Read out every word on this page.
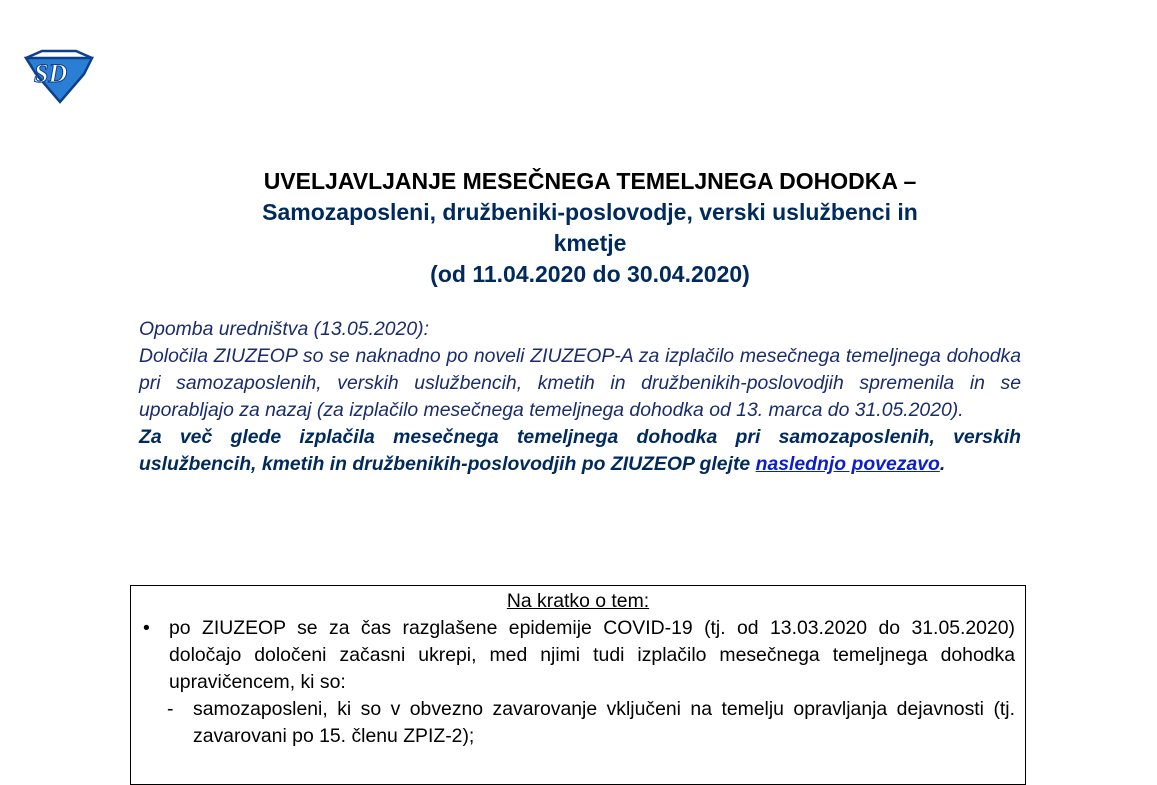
SD
UVELJAVLJANJE MESEČNEGA TEMELJNEGA DOHODKA –
Samozaposleni, družbeniki-poslovodje, verski uslužbenci in
kmetje
(od 11.04.2020 do 30.04.2020)
Opomba uredništva (13.05.2020):
Določila ZIUZEOP so se naknadno po noveli ZIUZEOP-A za izplačilo mesečnega temeljnega dohodka pri samozaposlenih, verskih uslužbencih, kmetih in družbenikih-poslovodjih spremenila in se uporabljajo za nazaj (za izplačilo mesečnega temeljnega dohodka od 13. marca do 31.05.2020).
Za več glede izplačila mesečnega temeljnega dohodka pri samozaposlenih, verskih uslužbencih, kmetih in družbenikih-poslovodjih po ZIUZEOP glejte naslednjo povezavo.
Na kratko o tem:
• po ZIUZEOP se za čas razglašene epidemije COVID-19 (tj. od 13.03.2020 do 31.05.2020) določajo določeni začasni ukrepi, med njimi tudi izplačilo mesečnega temeljnega dohodka upravičencem, ki so:
- samozaposleni, ki so v obvezno zavarovanje vključeni na temelju opravljanja dejavnosti (tj. zavarovani po 15. členu ZPIZ-2);
